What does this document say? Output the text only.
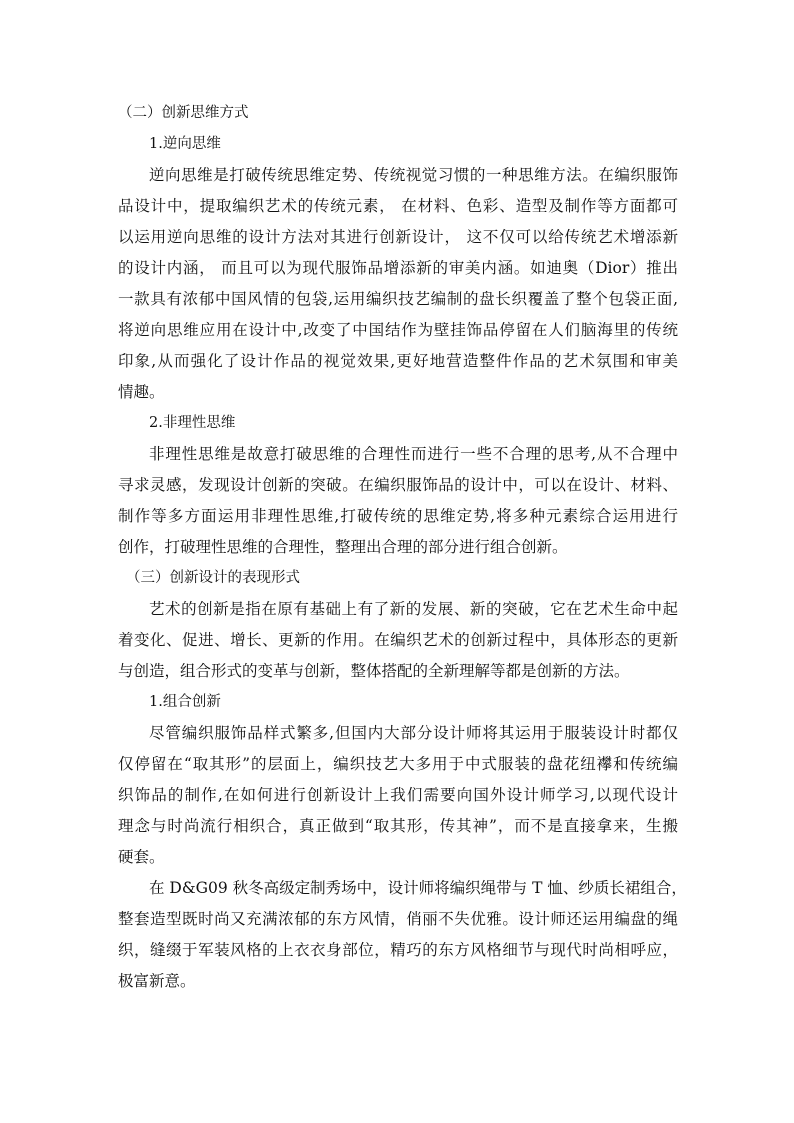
（二）创新思维方式
1.逆向思维
逆向思维是打破传统思维定势、传统视觉习惯的一种思维方法。在编织服饰
品设计中，提取编织艺术的传统元素， 在材料、色彩、造型及制作等方面都可
以运用逆向思维的设计方法对其进行创新设计， 这不仅可以给传统艺术增添新
的设计内涵， 而且可以为现代服饰品增添新的审美内涵。如迪奥（Dior）推出
一款具有浓郁中国风情的包袋,运用编织技艺编制的盘长织覆盖了整个包袋正面,
将逆向思维应用在设计中,改变了中国结作为壁挂饰品停留在人们脑海里的传统
印象,从而强化了设计作品的视觉效果,更好地营造整件作品的艺术氛围和审美
情趣。
2.非理性思维
非理性思维是故意打破思维的合理性而进行一些不合理的思考,从不合理中
寻求灵感，发现设计创新的突破。在编织服饰品的设计中，可以在设计、材料、
制作等多方面运用非理性思维,打破传统的思维定势,将多种元素综合运用进行
创作，打破理性思维的合理性，整理出合理的部分进行组合创新。
（三）创新设计的表现形式
艺术的创新是指在原有基础上有了新的发展、新的突破，它在艺术生命中起
着变化、促进、增长、更新的作用。在编织艺术的创新过程中，具体形态的更新
与创造，组合形式的变革与创新，整体搭配的全新理解等都是创新的方法。
1.组合创新
尽管编织服饰品样式繁多,但国内大部分设计师将其运用于服装设计时都仅
仅停留在“取其形”的层面上，编织技艺大多用于中式服装的盘花纽襻和传统编
织饰品的制作,在如何进行创新设计上我们需要向国外设计师学习,以现代设计
理念与时尚流行相织合，真正做到“取其形，传其神”，而不是直接拿来，生搬
硬套。
在 D&G09 秋冬高级定制秀场中，设计师将编织绳带与 T 恤、纱质长裙组合，
整套造型既时尚又充满浓郁的东方风情，俏丽不失优雅。设计师还运用编盘的绳
织，缝缀于军装风格的上衣衣身部位，精巧的东方风格细节与现代时尚相呼应，
极富新意。
